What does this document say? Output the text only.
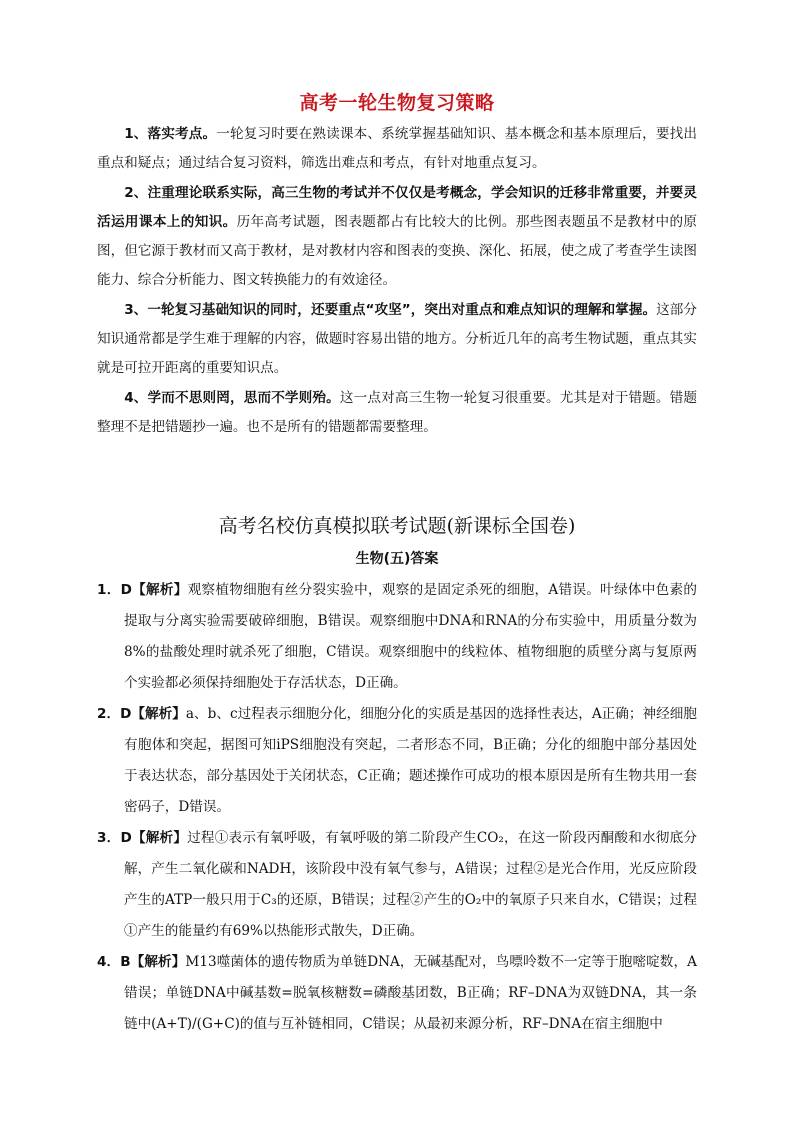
高考一轮生物复习策略

1、落实考点。一轮复习时要在熟读课本、系统掌握基础知识、基本概念和基本原理后，要找出重点和疑点；通过结合复习资料，筛选出难点和考点，有针对地重点复习。

2、注重理论联系实际，高三生物的考试并不仅仅是考概念，学会知识的迁移非常重要，并要灵活运用课本上的知识。历年高考试题，图表题都占有比较大的比例。那些图表题虽不是教材中的原图，但它源于教材而又高于教材，是对教材内容和图表的变换、深化、拓展，使之成了考查学生读图能力、综合分析能力、图文转换能力的有效途径。

3、一轮复习基础知识的同时，还要重点“攻坚”，突出对重点和难点知识的理解和掌握。这部分知识通常都是学生难于理解的内容，做题时容易出错的地方。分析近几年的高考生物试题，重点其实就是可拉开距离的重要知识点。

4、学而不思则罔，思而不学则殆。这一点对高三生物一轮复习很重要。尤其是对于错题。错题整理不是把错题抄一遍。也不是所有的错题都需要整理。

高考名校仿真模拟联考试题(新课标全国卷)
生物(五)答案

1．D【解析】观察植物细胞有丝分裂实验中，观察的是固定杀死的细胞，A错误。叶绿体中色素的提取与分离实验需要破碎细胞，B错误。观察细胞中DNA和RNA的分布实验中，用质量分数为8%的盐酸处理时就杀死了细胞，C错误。观察细胞中的线粒体、植物细胞的质壁分离与复原两个实验都必须保持细胞处于存活状态，D正确。

2．D【解析】a、b、c过程表示细胞分化，细胞分化的实质是基因的选择性表达，A正确；神经细胞有胞体和突起，据图可知iPS细胞没有突起，二者形态不同，B正确；分化的细胞中部分基因处于表达状态，部分基因处于关闭状态，C正确；题述操作可成功的根本原因是所有生物共用一套密码子，D错误。

3．D【解析】过程①表示有氧呼吸，有氧呼吸的第二阶段产生CO₂，在这一阶段丙酮酸和水彻底分解，产生二氧化碳和NADH，该阶段中没有氧气参与，A错误；过程②是光合作用，光反应阶段产生的ATP一般只用于C₃的还原，B错误；过程②产生的O₂中的氧原子只来自水，C错误；过程①产生的能量约有69%以热能形式散失，D正确。

4．B【解析】M13噬菌体的遗传物质为单链DNA，无碱基配对，鸟嘌呤数不一定等于胞嘧啶数，A错误；单链DNA中碱基数=脱氧核糖数=磷酸基团数，B正确；RF–DNA为双链DNA，其一条链中(A+T)/(G+C)的值与互补链相同，C错误；从最初来源分析，RF–DNA在宿主细胞中
